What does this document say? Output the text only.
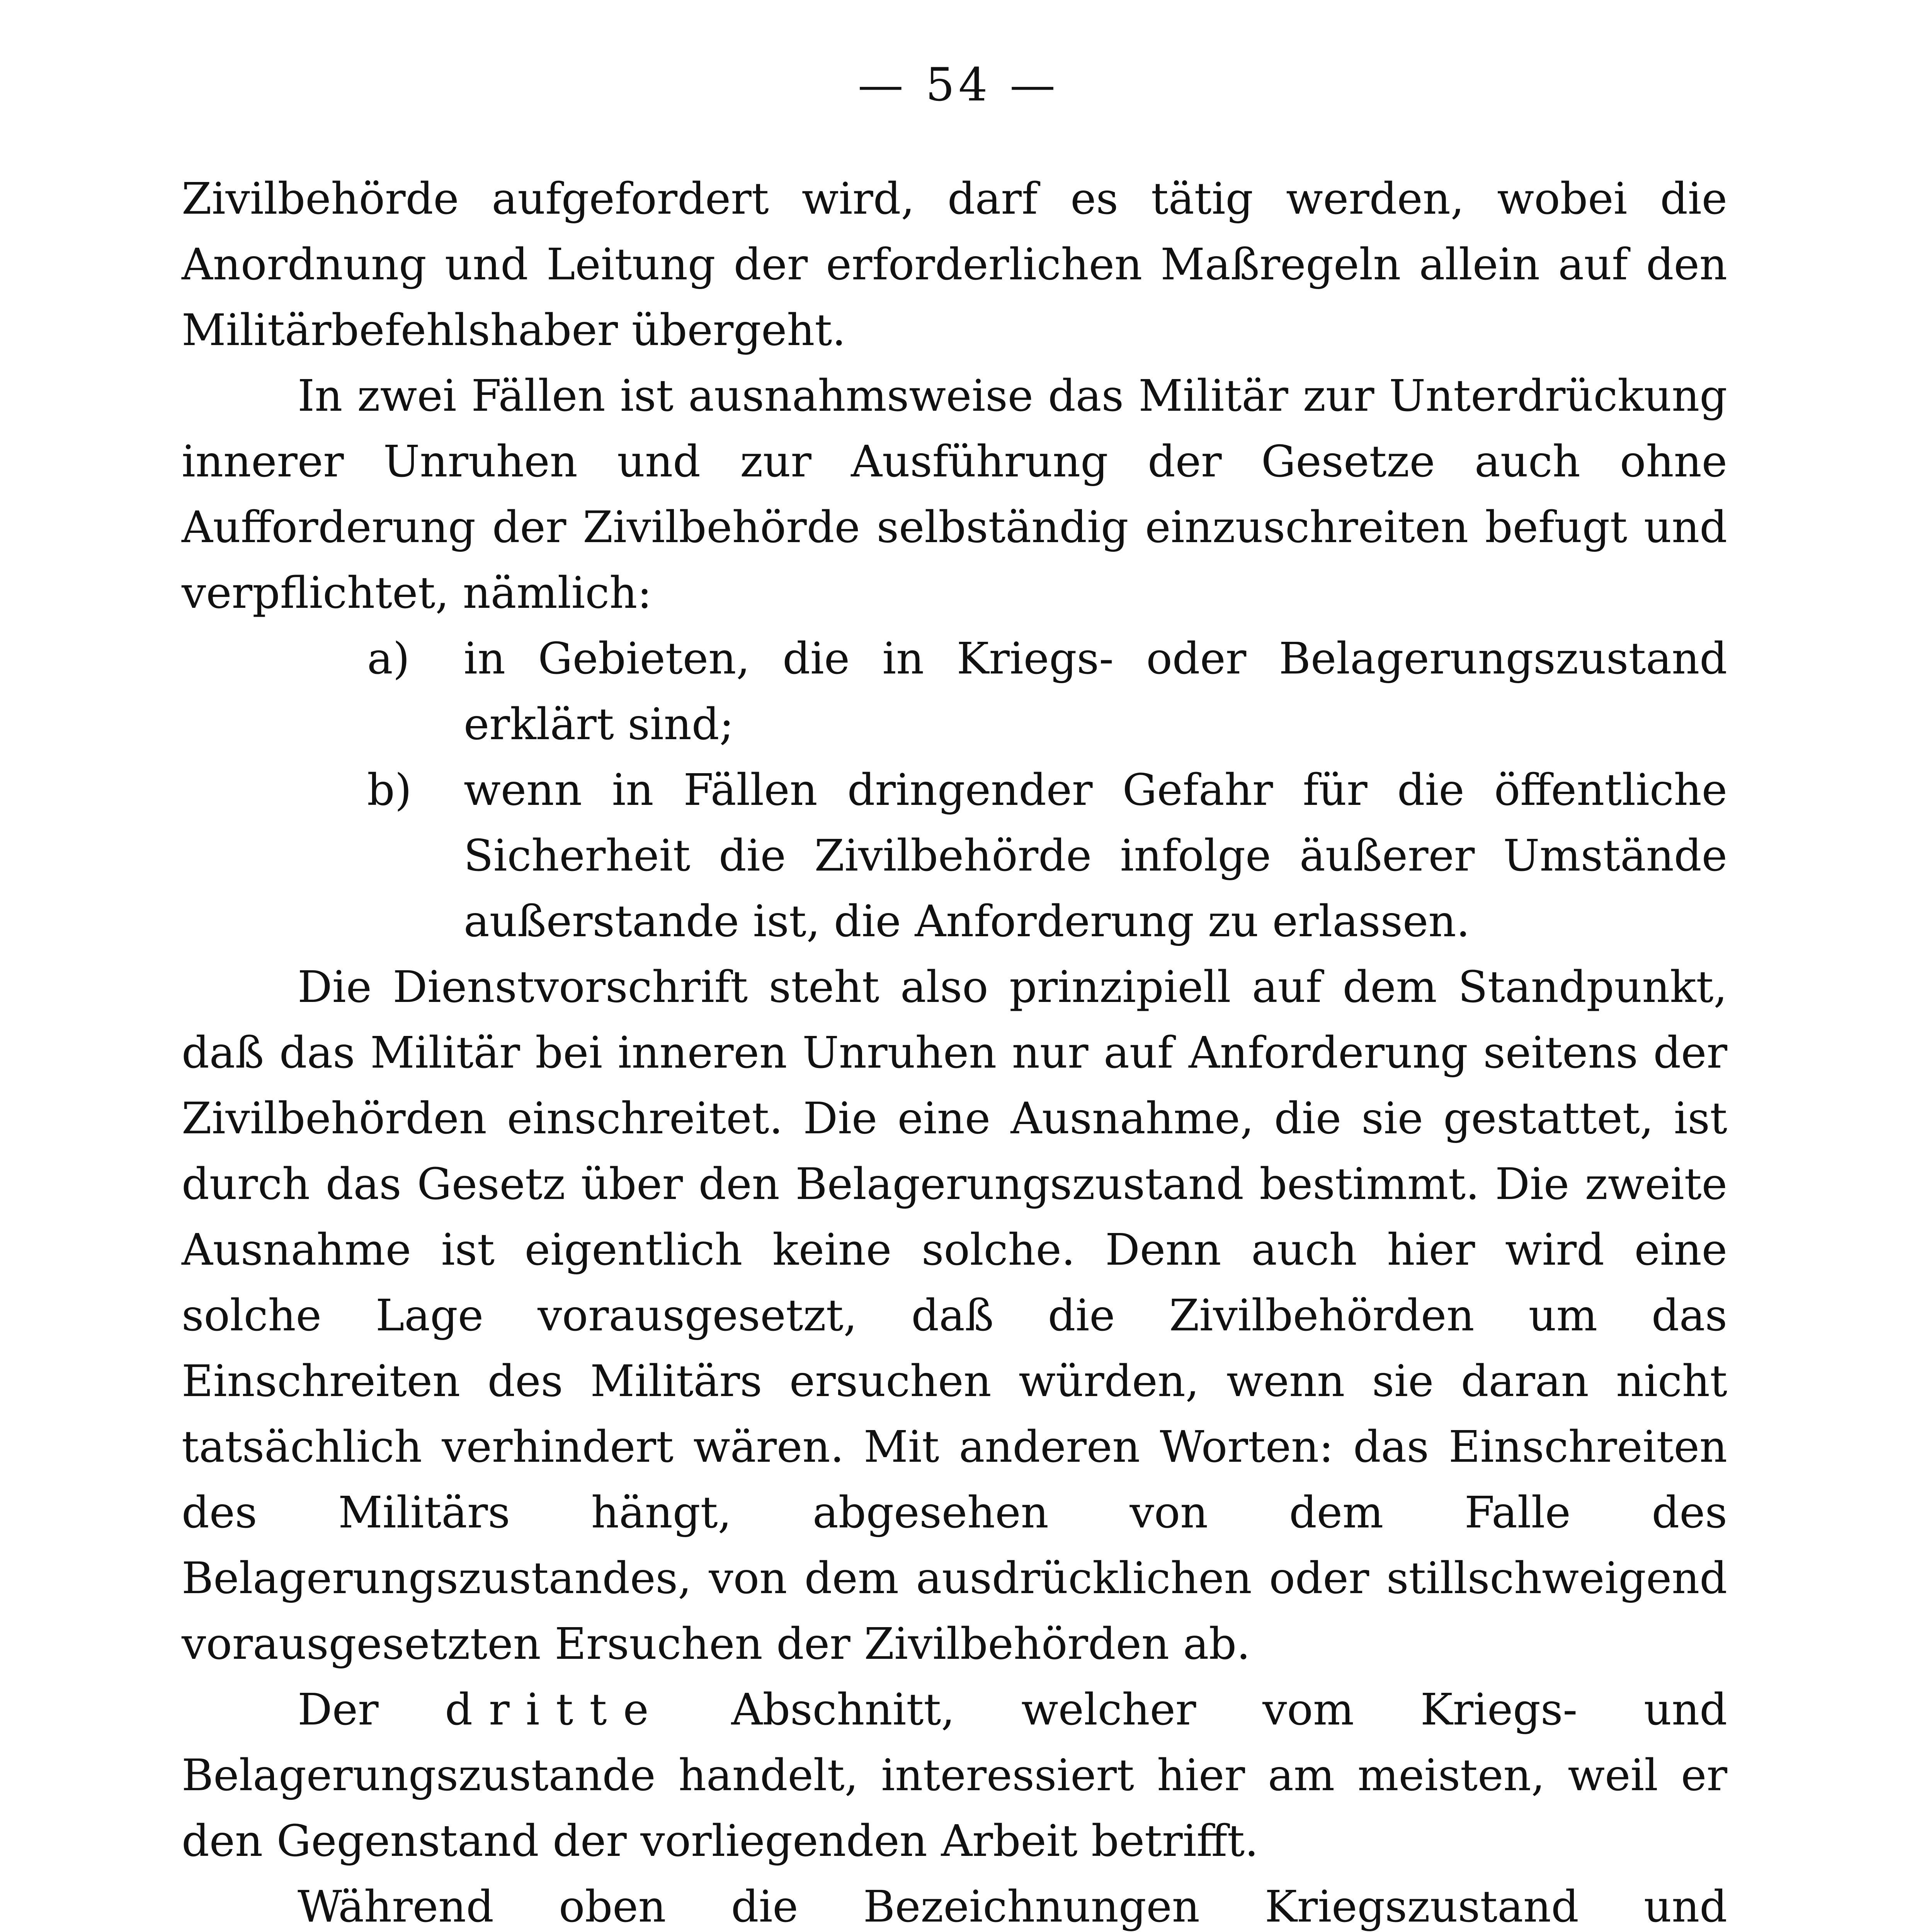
— 54 —

Zivilbehörde aufgefordert wird, darf es tätig werden, wobei die Anordnung und Leitung der erforderlichen Maßregeln allein auf den Militärbefehlshaber übergeht.

In zwei Fällen ist ausnahmsweise das Militär zur Unterdrückung innerer Unruhen und zur Ausführung der Gesetze auch ohne Aufforderung der Zivilbehörde selbständig einzuschreiten befugt und verpflichtet, nämlich:

a) in Gebieten, die in Kriegs- oder Belagerungszustand erklärt sind;
b) wenn in Fällen dringender Gefahr für die öffentliche Sicherheit die Zivilbehörde infolge äußerer Umstände außerstande ist, die Anforderung zu erlassen.

Die Dienstvorschrift steht also prinzipiell auf dem Standpunkt, daß das Militär bei inneren Unruhen nur auf Anforderung seitens der Zivilbehörden einschreitet. Die eine Ausnahme, die sie gestattet, ist durch das Gesetz über den Belagerungszustand bestimmt. Die zweite Ausnahme ist eigentlich keine solche. Denn auch hier wird eine solche Lage vorausgesetzt, daß die Zivilbehörden um das Einschreiten des Militärs ersuchen würden, wenn sie daran nicht tatsächlich verhindert wären. Mit anderen Worten: das Einschreiten des Militärs hängt, abgesehen von dem Falle des Belagerungszustandes, von dem ausdrücklichen oder stillschweigend vorausgesetzten Ersuchen der Zivilbehörden ab.

Der dritte Abschnitt, welcher vom Kriegs- und Belagerungszustande handelt, interessiert hier am meisten, weil er den Gegenstand der vorliegenden Arbeit betrifft.

Während oben die Bezeichnungen Kriegszustand und
